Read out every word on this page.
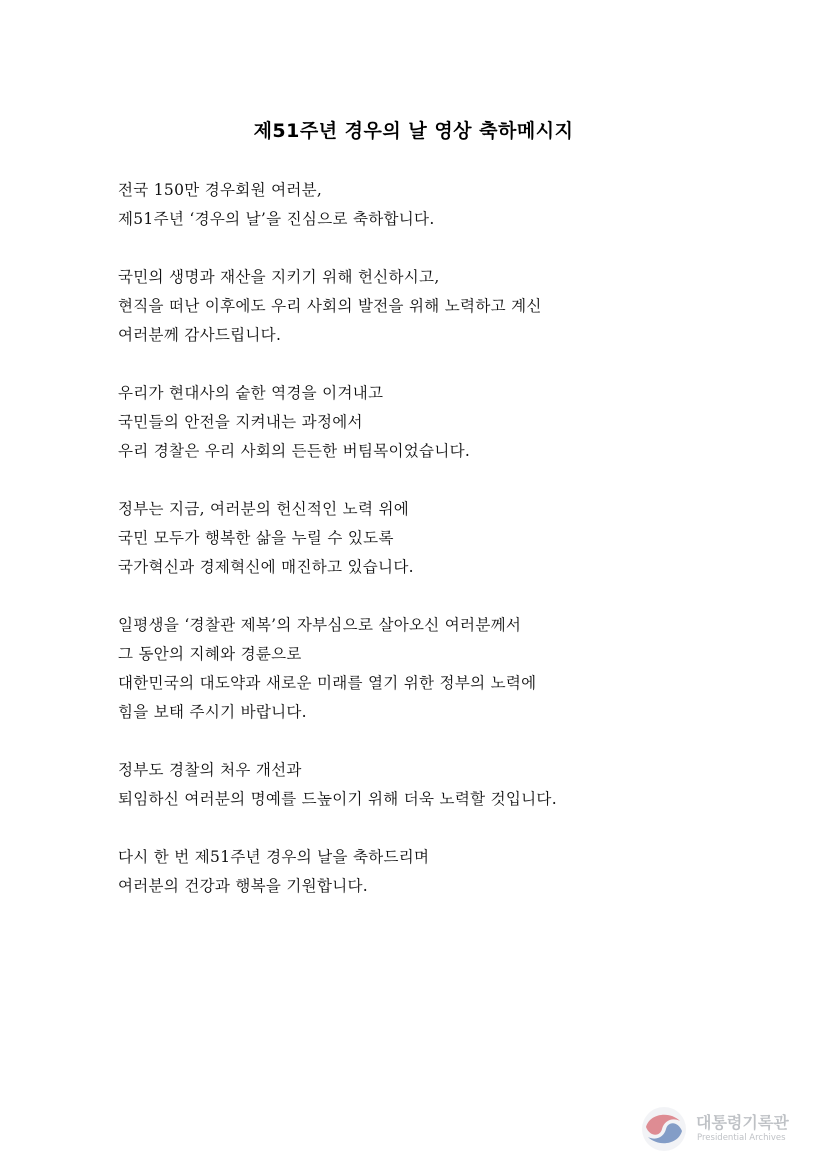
제51주년 경우의 날 영상 축하메시지

전국 150만 경우회원 여러분,
제51주년 ‘경우의 날’을 진심으로 축하합니다.

국민의 생명과 재산을 지키기 위해 헌신하시고,
현직을 떠난 이후에도 우리 사회의 발전을 위해 노력하고 계신
여러분께 감사드립니다.

우리가 현대사의 숱한 역경을 이겨내고
국민들의 안전을 지켜내는 과정에서
우리 경찰은 우리 사회의 든든한 버팀목이었습니다.

정부는 지금, 여러분의 헌신적인 노력 위에
국민 모두가 행복한 삶을 누릴 수 있도록
국가혁신과 경제혁신에 매진하고 있습니다.

일평생을 ‘경찰관 제복’의 자부심으로 살아오신 여러분께서
그 동안의 지혜와 경륜으로
대한민국의 대도약과 새로운 미래를 열기 위한 정부의 노력에
힘을 보태 주시기 바랍니다.

정부도 경찰의 처우 개선과
퇴임하신 여러분의 명예를 드높이기 위해 더욱 노력할 것입니다.

다시 한 번 제51주년 경우의 날을 축하드리며
여러분의 건강과 행복을 기원합니다.

대통령기록관
Presidential Archives
